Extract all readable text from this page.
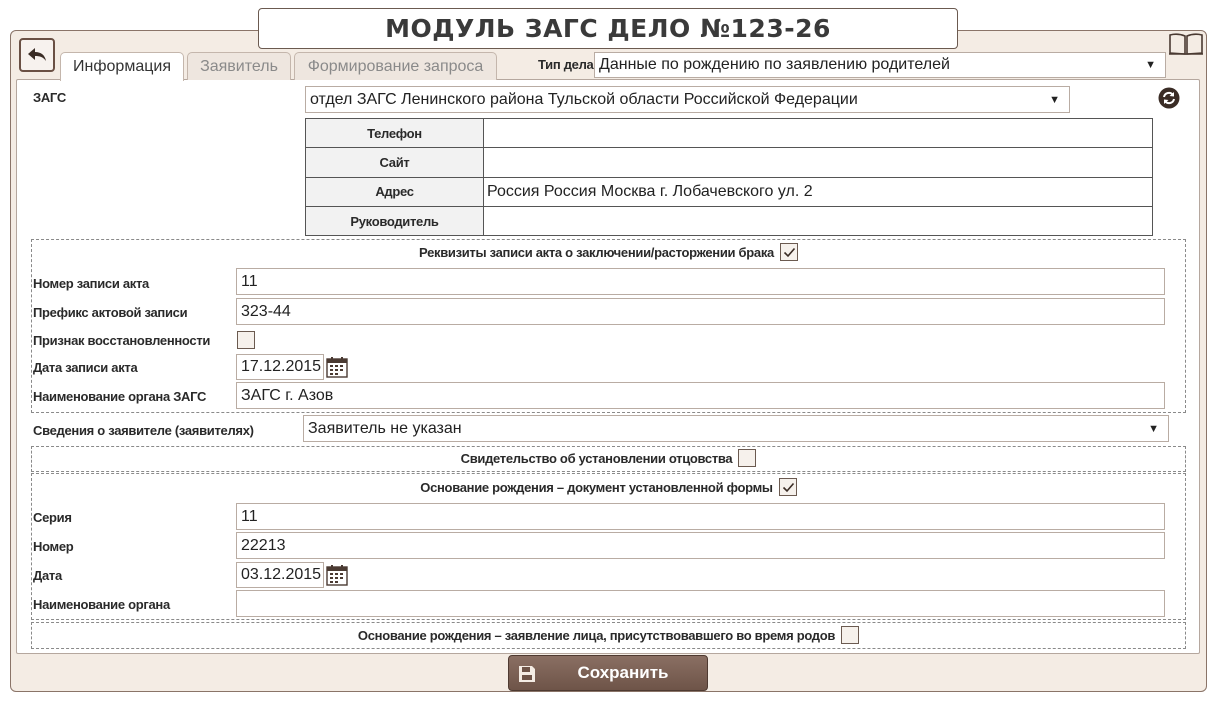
МОДУЛЬ ЗАГС ДЕЛО №123-26
Информация	Заявитель	Формирование запроса	Тип дела Данные по рождению по заявлению родителей	▼
ЗАГС	отдел ЗАГС Ленинского района Тульской области Российской Федерации	▼
Телефон	
Сайт	
Адрес	Россия Россия Москва г. Лобачевского ул. 2
Руководитель	
Реквизиты записи акта о заключении/расторжении брака
Номер записи акта	11
Префикс актовой записи	323-44
Признак восстановленности
Дата записи акта	17.12.2015
Наименование органа ЗАГС	ЗАГС г. Азов
Сведения о заявителе (заявителях)	Заявитель не указан	▼
Свидетельство об установлении отцовства
Основание рождения – документ установленной формы
Серия	11
Номер	22213
Дата	03.12.2015
Наименование органа
Основание рождения – заявление лица, присутствовавшего во время родов
Сохранить
